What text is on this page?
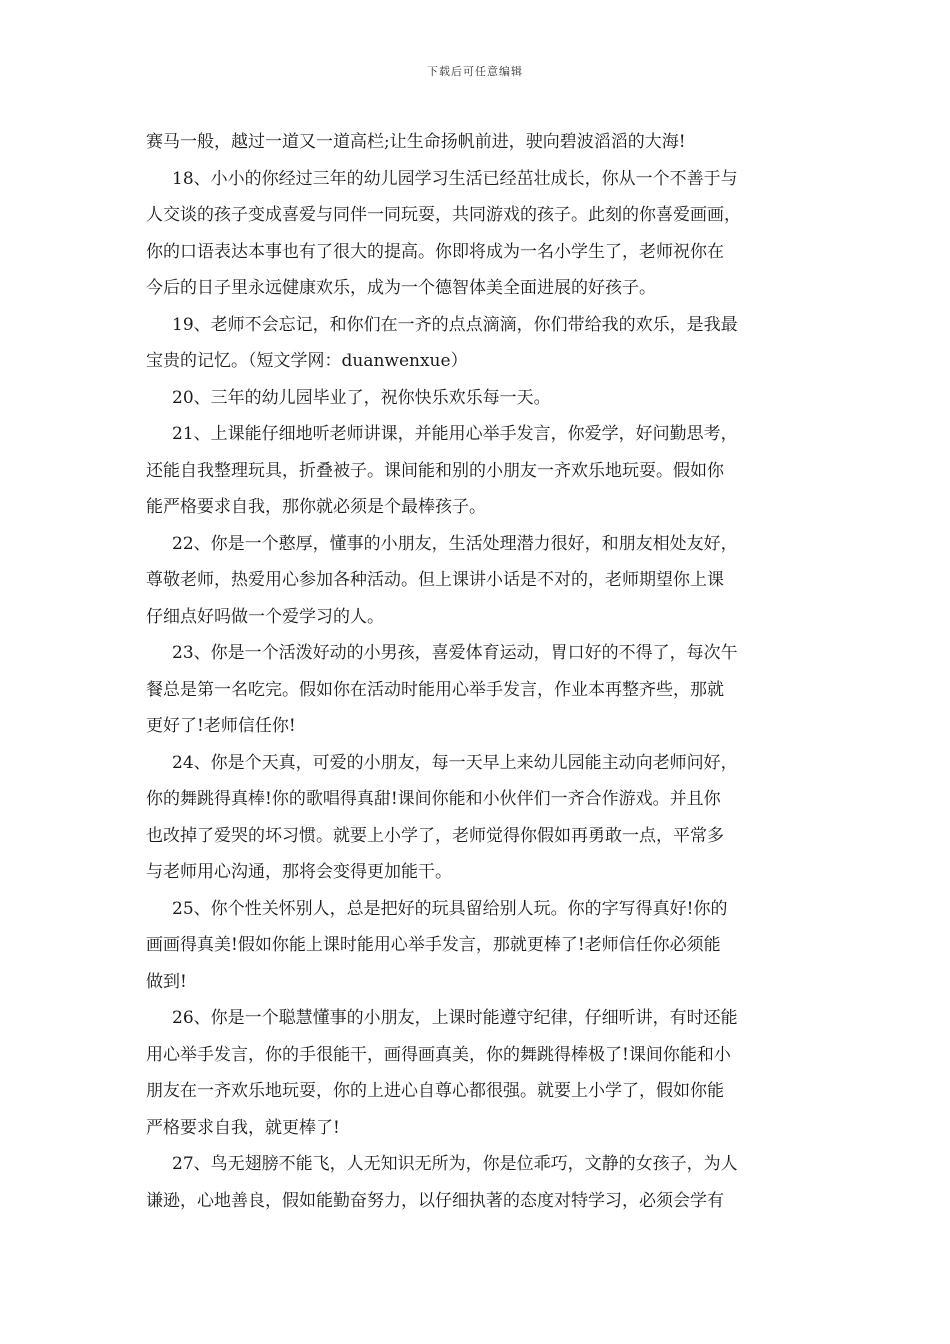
下载后可任意编辑
赛马一般，越过一道又一道高栏;让生命扬帆前进，驶向碧波滔滔的大海!
18、小小的你经过三年的幼儿园学习生活已经茁壮成长，你从一个不善于与
人交谈的孩子变成喜爱与同伴一同玩耍，共同游戏的孩子。此刻的你喜爱画画，
你的口语表达本事也有了很大的提高。你即将成为一名小学生了，老师祝你在
今后的日子里永远健康欢乐，成为一个德智体美全面进展的好孩子。
19、老师不会忘记，和你们在一齐的点点滴滴，你们带给我的欢乐，是我最
宝贵的记忆。（短文学网：duanwenxue）
20、三年的幼儿园毕业了，祝你快乐欢乐每一天。
21、上课能仔细地听老师讲课，并能用心举手发言，你爱学，好问勤思考，
还能自我整理玩具，折叠被子。课间能和别的小朋友一齐欢乐地玩耍。假如你
能严格要求自我，那你就必须是个最棒孩子。
22、你是一个憨厚，懂事的小朋友，生活处理潜力很好，和朋友相处友好，
尊敬老师，热爱用心参加各种活动。但上课讲小话是不对的，老师期望你上课
仔细点好吗做一个爱学习的人。
23、你是一个活泼好动的小男孩，喜爱体育运动，胃口好的不得了，每次午
餐总是第一名吃完。假如你在活动时能用心举手发言，作业本再整齐些，那就
更好了!老师信任你!
24、你是个天真，可爱的小朋友，每一天早上来幼儿园能主动向老师问好，
你的舞跳得真棒!你的歌唱得真甜!课间你能和小伙伴们一齐合作游戏。并且你
也改掉了爱哭的坏习惯。就要上小学了，老师觉得你假如再勇敢一点，平常多
与老师用心沟通，那将会变得更加能干。
25、你个性关怀别人，总是把好的玩具留给别人玩。你的字写得真好!你的
画画得真美!假如你能上课时能用心举手发言，那就更棒了!老师信任你必须能
做到!
26、你是一个聪慧懂事的小朋友，上课时能遵守纪律，仔细听讲，有时还能
用心举手发言，你的手很能干，画得画真美，你的舞跳得棒极了!课间你能和小
朋友在一齐欢乐地玩耍，你的上进心自尊心都很强。就要上小学了，假如你能
严格要求自我，就更棒了!
27、鸟无翅膀不能飞，人无知识无所为，你是位乖巧，文静的女孩子，为人
谦逊，心地善良，假如能勤奋努力，以仔细执著的态度对特学习，必须会学有
